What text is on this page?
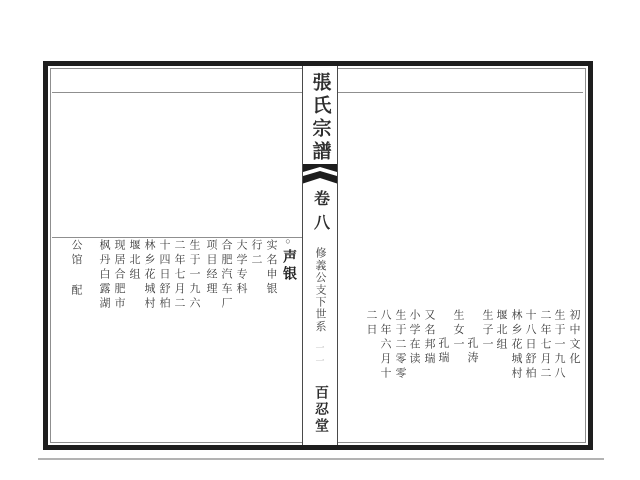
張氏宗譜
卷八
修義公支下世系
一一
百忍堂
○声银
实名申银
行二
大学专科
合肥汽车厂
项目经理
生于一九六
二年七月二
十四日舒柏
林乡花城村
堰北组
现居合肥市
枫丹白露湖
公馆
配
初中文化
生于一九八
二年七月二
十八日舒柏
林乡花城村
堰北组
生子一
孔涛
生女一
孔瑞
又名邦瑞
小学在读
生于二零零
八年六月十
二日
